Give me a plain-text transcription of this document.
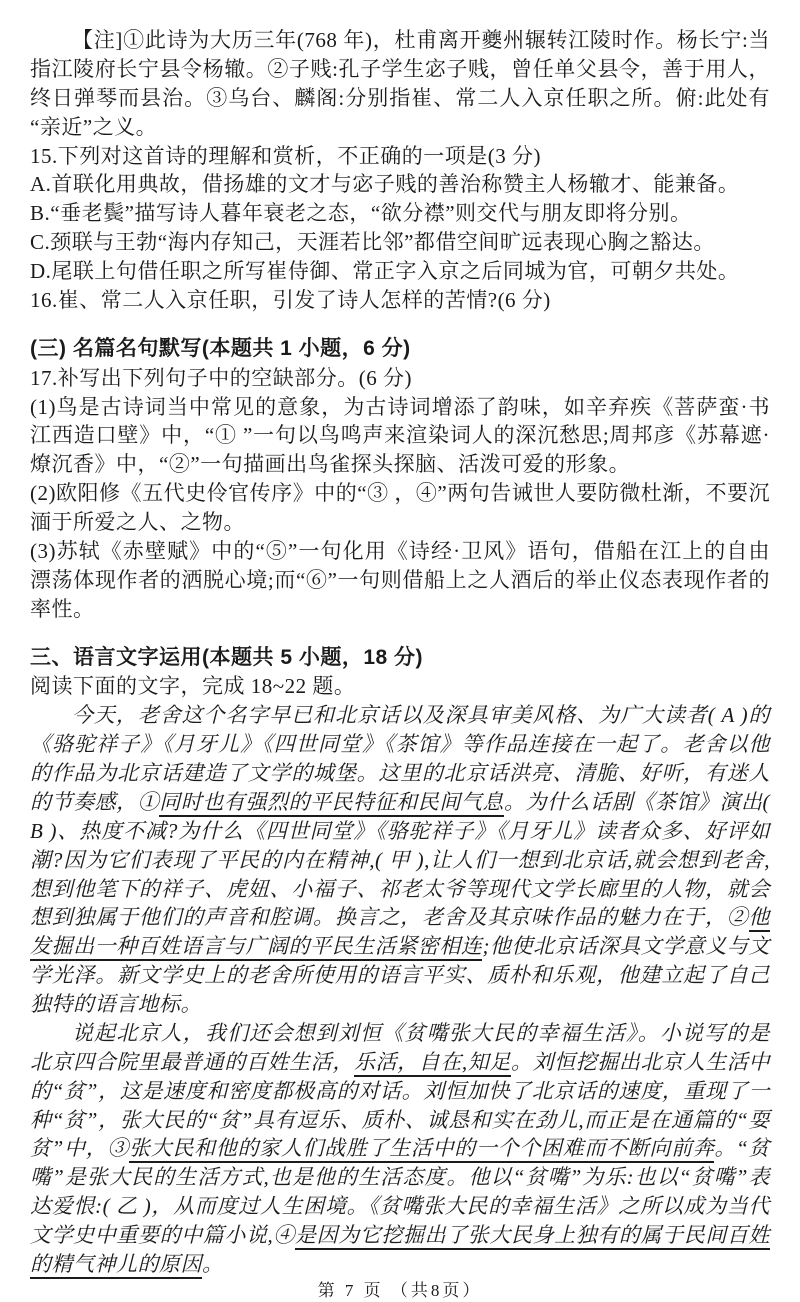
【注]①此诗为大历三年(768 年)，杜甫离开夔州辗转江陵时作。杨长宁:当指江陵府长宁县令杨辙。②子贱:孔子学生宓子贱，曾任单父县令，善于用人，终日弹琴而县治。③乌台、麟阁:分别指崔、常二人入京任职之所。俯:此处有“亲近”之义。

15.下列对这首诗的理解和赏析，不正确的一项是(3 分)

A.首联化用典故，借扬雄的文才与宓子贱的善治称赞主人杨辙才、能兼备。

B.“垂老鬓”描写诗人暮年衰老之态，“欲分襟”则交代与朋友即将分别。

C.颈联与王勃“海内存知己，天涯若比邻”都借空间旷远表现心胸之豁达。

D.尾联上句借任职之所写崔侍御、常正字入京之后同城为官，可朝夕共处。

16.崔、常二人入京任职，引发了诗人怎样的苦情?(6 分)

(三) 名篇名句默写(本题共 1 小题，6 分)

17.补写出下列句子中的空缺部分。(6 分)

(1)鸟是古诗词当中常见的意象，为古诗词增添了韵味，如辛弃疾《菩萨蛮·书江西造口壁》中，“① ”一句以鸟鸣声来渲染词人的深沉愁思;周邦彦《苏幕遮·燎沉香》中，“②”一句描画出鸟雀探头探脑、活泼可爱的形象。

(2)欧阳修《五代史伶官传序》中的“③ ，④”两句告诫世人要防微杜渐，不要沉湎于所爱之人、之物。

(3)苏轼《赤壁赋》中的“⑤”一句化用《诗经·卫风》语句，借船在江上的自由漂荡体现作者的洒脱心境;而“⑥”一句则借船上之人酒后的举止仪态表现作者的率性。

三、语言文字运用(本题共 5 小题，18 分)

阅读下面的文字，完成 18~22 题。

今天，老舍这个名字早已和北京话以及深具审美风格、为广大读者( A )的《骆驼祥子》《月牙儿》《四世同堂》《茶馆》等作品连接在一起了。老舍以他的作品为北京话建造了文学的城堡。这里的北京话洪亮、清脆、好听，有迷人的节奏感，①同时也有强烈的平民特征和民间气息。为什么话剧《茶馆》演出( B )、热度不减?为什么《四世同堂》《骆驼祥子》《月牙儿》读者众多、好评如潮?因为它们表现了平民的内在精神,( 甲 ),让人们一想到北京话,就会想到老舍,想到他笔下的祥子、虎妞、小福子、祁老太爷等现代文学长廊里的人物，就会想到独属于他们的声音和腔调。换言之，老舍及其京味作品的魅力在于，②他发掘出一种百姓语言与广阔的平民生活紧密相连;他使北京话深具文学意义与文学光泽。新文学史上的老舍所使用的语言平实、质朴和乐观，他建立起了自己独特的语言地标。

说起北京人，我们还会想到刘恒《贫嘴张大民的幸福生活》。小说写的是北京四合院里最普通的百姓生活，乐活，自在,知足。刘恒挖掘出北京人生活中的“贫”，这是速度和密度都极高的对话。刘恒加快了北京话的速度，重现了一种“贫”，张大民的“贫”具有逗乐、质朴、诚恳和实在劲儿,而正是在通篇的“耍贫”中，③张大民和他的家人们战胜了生活中的一个个困难而不断向前奔。“贫嘴”是张大民的生活方式,也是他的生活态度。他以“贫嘴”为乐:也以“贫嘴”表达爱恨:( 乙 )，从而度过人生困境。《贫嘴张大民的幸福生活》之所以成为当代文学史中重要的中篇小说,④是因为它挖掘出了张大民身上独有的属于民间百姓的精气神儿的原因。

第 7 页 （共8页）
